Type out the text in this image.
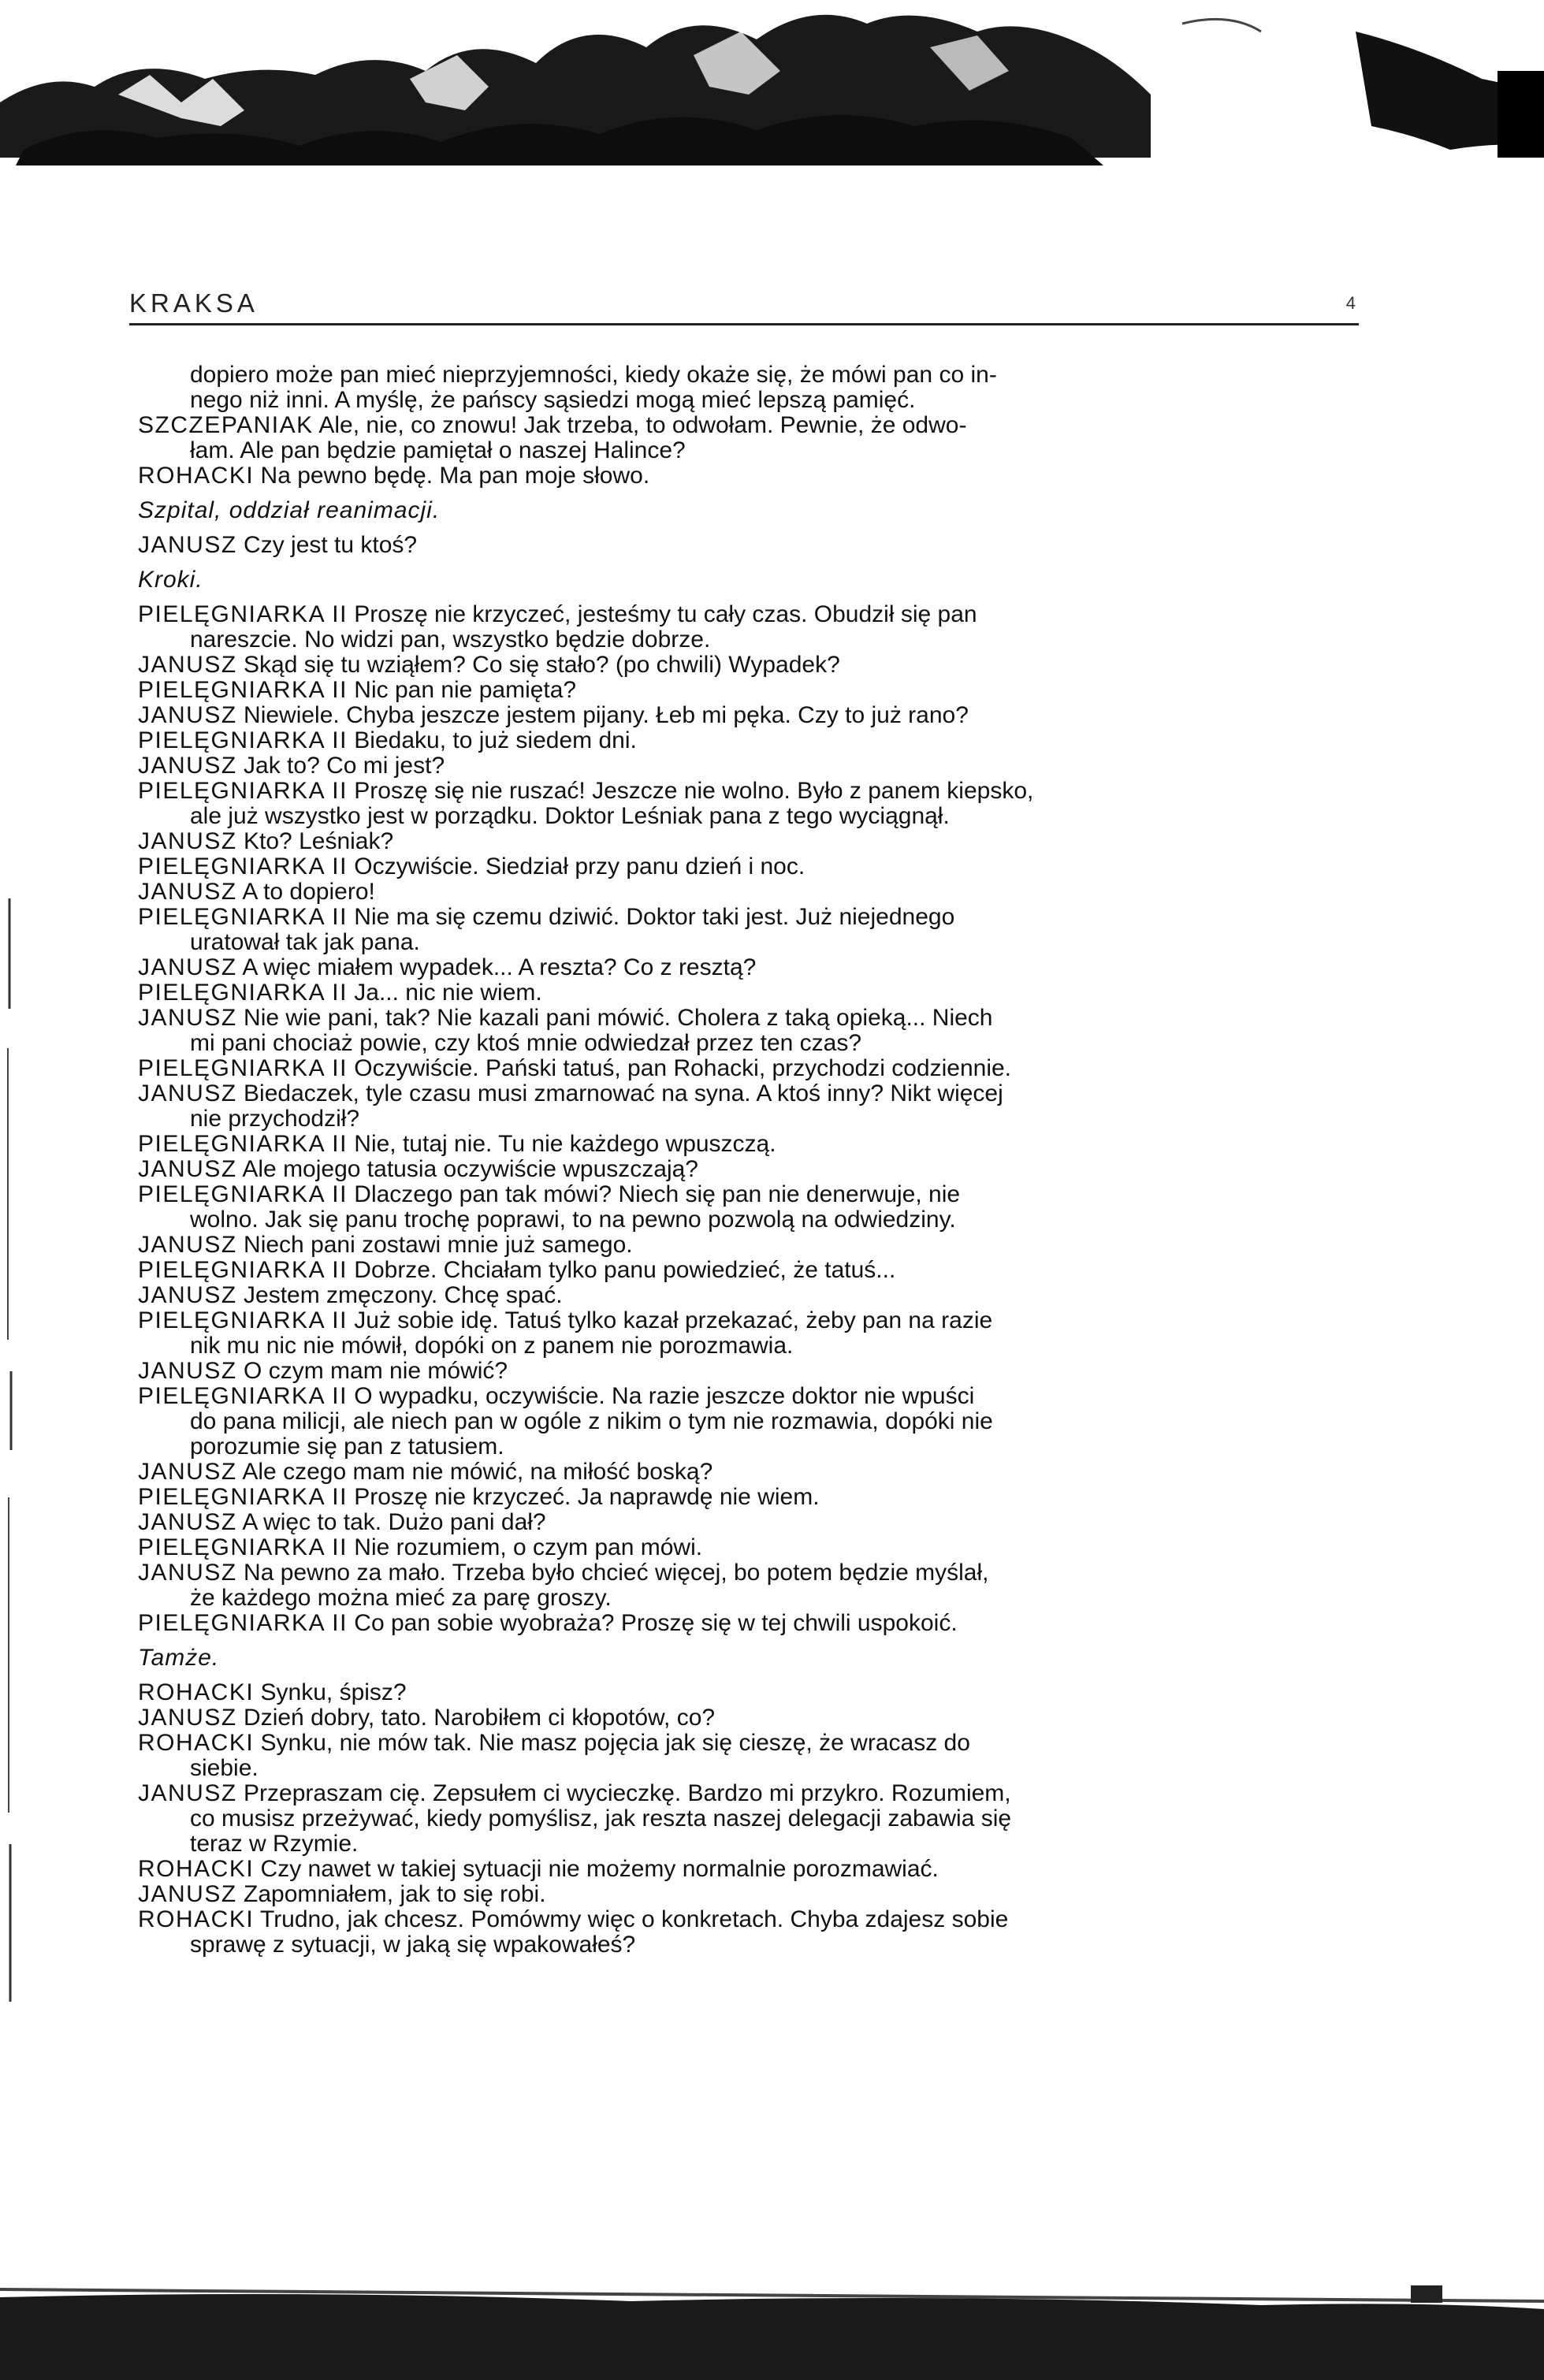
KRAKSA	4
dopiero może pan mieć nieprzyjemności, kiedy okaże się, że mówi pan co in-
nego niż inni. A myślę, że pańscy sąsiedzi mogą mieć lepszą pamięć.
SZCZEPANIAK Ale, nie, co znowu! Jak trzeba, to odwołam. Pewnie, że odwo-
łam. Ale pan będzie pamiętał o naszej Halince?
ROHACKI Na pewno będę. Ma pan moje słowo.
Szpital, oddział reanimacji.
JANUSZ Czy jest tu ktoś?
Kroki.
PIELĘGNIARKA II Proszę nie krzyczeć, jesteśmy tu cały czas. Obudził się pan
nareszcie. No widzi pan, wszystko będzie dobrze.
JANUSZ Skąd się tu wziąłem? Co się stało? (po chwili) Wypadek?
PIELĘGNIARKA II Nic pan nie pamięta?
JANUSZ Niewiele. Chyba jeszcze jestem pijany. Łeb mi pęka. Czy to już rano?
PIELĘGNIARKA II Biedaku, to już siedem dni.
JANUSZ Jak to? Co mi jest?
PIELĘGNIARKA II Proszę się nie ruszać! Jeszcze nie wolno. Było z panem kiepsko,
ale już wszystko jest w porządku. Doktor Leśniak pana z tego wyciągnął.
JANUSZ Kto? Leśniak?
PIELĘGNIARKA II Oczywiście. Siedział przy panu dzień i noc.
JANUSZ A to dopiero!
PIELĘGNIARKA II Nie ma się czemu dziwić. Doktor taki jest. Już niejednego
uratował tak jak pana.
JANUSZ A więc miałem wypadek... A reszta? Co z resztą?
PIELĘGNIARKA II Ja... nic nie wiem.
JANUSZ Nie wie pani, tak? Nie kazali pani mówić. Cholera z taką opieką... Niech
mi pani chociaż powie, czy ktoś mnie odwiedzał przez ten czas?
PIELĘGNIARKA II Oczywiście. Pański tatuś, pan Rohacki, przychodzi codziennie.
JANUSZ Biedaczek, tyle czasu musi zmarnować na syna. A ktoś inny? Nikt więcej
nie przychodził?
PIELĘGNIARKA II Nie, tutaj nie. Tu nie każdego wpuszczą.
JANUSZ Ale mojego tatusia oczywiście wpuszczają?
PIELĘGNIARKA II Dlaczego pan tak mówi? Niech się pan nie denerwuje, nie
wolno. Jak się panu trochę poprawi, to na pewno pozwolą na odwiedziny.
JANUSZ Niech pani zostawi mnie już samego.
PIELĘGNIARKA II Dobrze. Chciałam tylko panu powiedzieć, że tatuś...
JANUSZ Jestem zmęczony. Chcę spać.
PIELĘGNIARKA II Już sobie idę. Tatuś tylko kazał przekazać, żeby pan na razie
nik mu nic nie mówił, dopóki on z panem nie porozmawia.
JANUSZ O czym mam nie mówić?
PIELĘGNIARKA II O wypadku, oczywiście. Na razie jeszcze doktor nie wpuści
do pana milicji, ale niech pan w ogóle z nikim o tym nie rozmawia, dopóki nie
porozumie się pan z tatusiem.
JANUSZ Ale czego mam nie mówić, na miłość boską?
PIELĘGNIARKA II Proszę nie krzyczeć. Ja naprawdę nie wiem.
JANUSZ A więc to tak. Dużo pani dał?
PIELĘGNIARKA II Nie rozumiem, o czym pan mówi.
JANUSZ Na pewno za mało. Trzeba było chcieć więcej, bo potem będzie myślał,
że każdego można mieć za parę groszy.
PIELĘGNIARKA II Co pan sobie wyobraża? Proszę się w tej chwili uspokoić.
Tamże.
ROHACKI Synku, śpisz?
JANUSZ Dzień dobry, tato. Narobiłem ci kłopotów, co?
ROHACKI Synku, nie mów tak. Nie masz pojęcia jak się cieszę, że wracasz do
siebie.
JANUSZ Przepraszam cię. Zepsułem ci wycieczkę. Bardzo mi przykro. Rozumiem,
co musisz przeżywać, kiedy pomyślisz, jak reszta naszej delegacji zabawia się
teraz w Rzymie.
ROHACKI Czy nawet w takiej sytuacji nie możemy normalnie porozmawiać.
JANUSZ Zapomniałem, jak to się robi.
ROHACKI Trudno, jak chcesz. Pomówmy więc o konkretach. Chyba zdajesz sobie
sprawę z sytuacji, w jaką się wpakowałeś?
